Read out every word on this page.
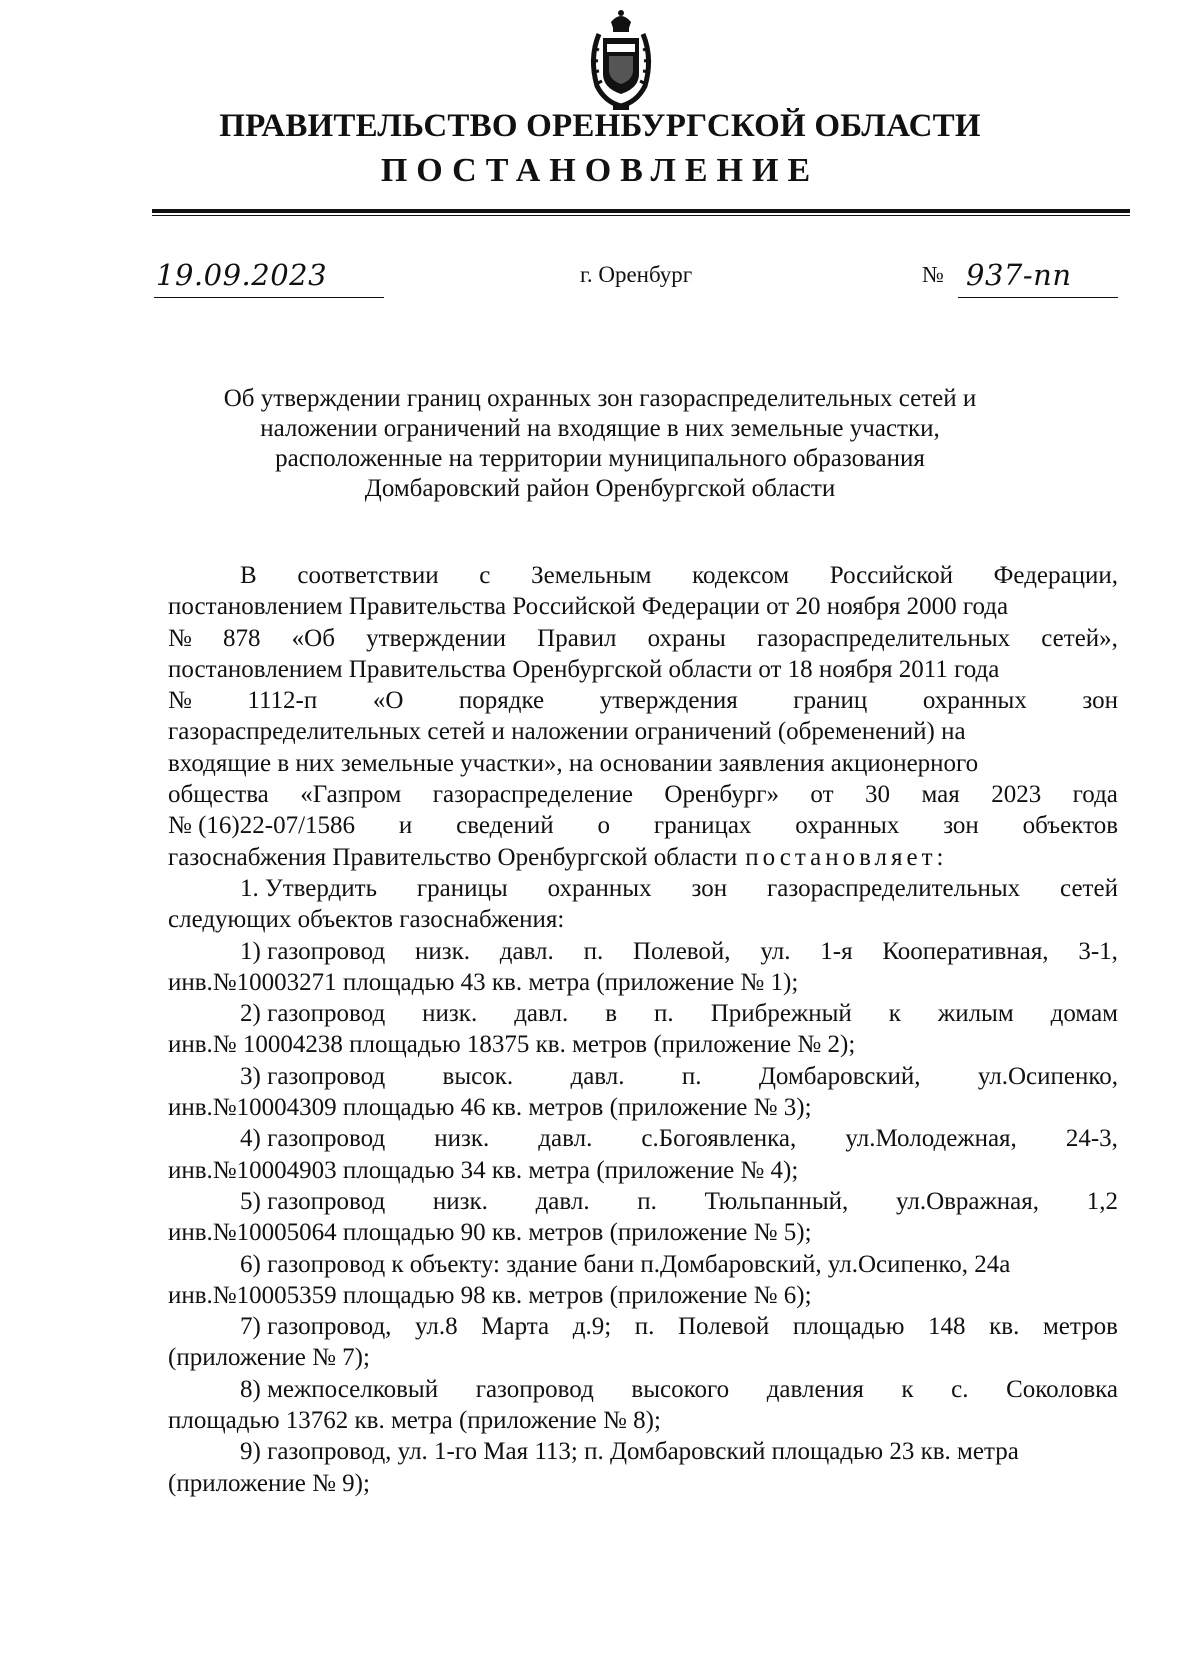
ПРАВИТЕЛЬСТВО ОРЕНБУРГСКОЙ ОБЛАСТИ
ПОСТАНОВЛЕНИЕ
19.09.2023	г. Оренбург	№ 937-пп
Об утверждении границ охранных зон газораспределительных сетей и
наложении ограничений на входящие в них земельные участки,
расположенные на территории муниципального образования
Домбаровский район Оренбургской области
В соответствии с Земельным кодексом Российской Федерации,
постановлением Правительства Российской Федерации от 20 ноября 2000 года
№ 878 «Об утверждении Правил охраны газораспределительных сетей»,
постановлением Правительства Оренбургской области от 18 ноября 2011 года
№ 1112-п «О порядке утверждения границ охранных зон
газораспределительных сетей и наложении ограничений (обременений) на
входящие в них земельные участки», на основании заявления акционерного
общества «Газпром газораспределение Оренбург» от 30 мая 2023 года
№ (16)22-07/1586 и сведений о границах охранных зон объектов
газоснабжения Правительство Оренбургской области постановляет:
1. Утвердить границы охранных зон газораспределительных сетей
следующих объектов газоснабжения:
1) газопровод низк. давл. п. Полевой, ул. 1-я Кооперативная, 3-1,
инв.№10003271 площадью 43 кв. метра (приложение № 1);
2) газопровод низк. давл. в п. Прибрежный к жилым домам
инв.№ 10004238 площадью 18375 кв. метров (приложение № 2);
3) газопровод высок. давл. п. Домбаровский, ул.Осипенко,
инв.№10004309 площадью 46 кв. метров (приложение № 3);
4) газопровод низк. давл. с.Богоявленка, ул.Молодежная, 24-3,
инв.№10004903 площадью 34 кв. метра (приложение № 4);
5) газопровод низк. давл. п. Тюльпанный, ул.Овражная, 1,2
инв.№10005064 площадью 90 кв. метров (приложение № 5);
6) газопровод к объекту: здание бани п.Домбаровский, ул.Осипенко, 24а
инв.№10005359 площадью 98 кв. метров (приложение № 6);
7) газопровод, ул.8 Марта д.9; п. Полевой площадью 148 кв. метров
(приложение № 7);
8) межпоселковый газопровод высокого давления к с. Соколовка
площадью 13762 кв. метра (приложение № 8);
9) газопровод, ул. 1-го Мая 113; п. Домбаровский площадью 23 кв. метра
(приложение № 9);
